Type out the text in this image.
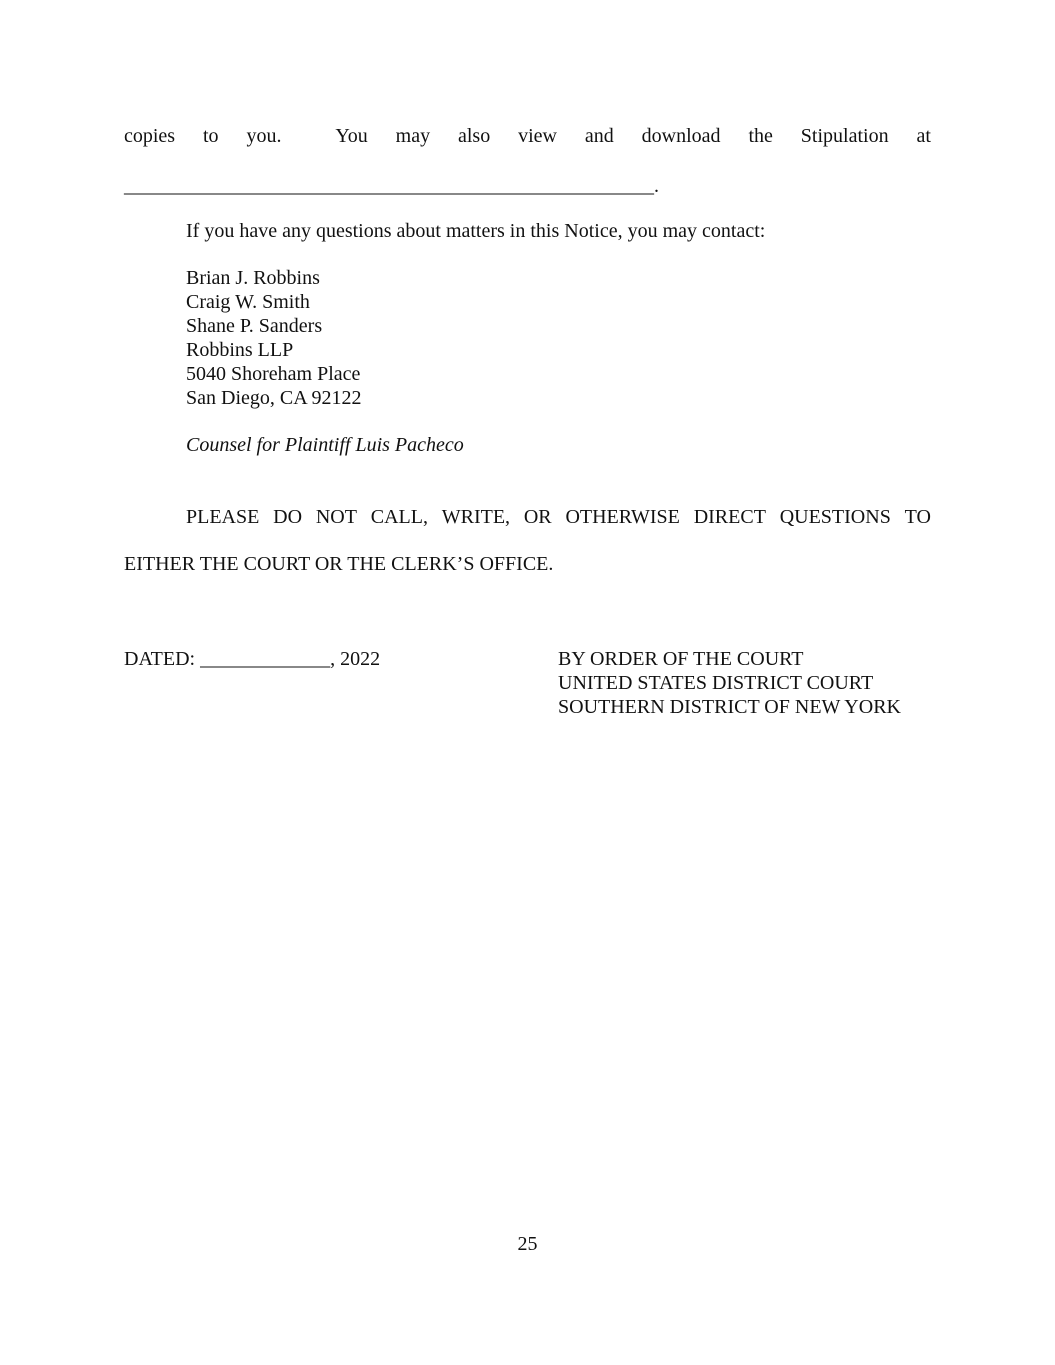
copies to you.	You may also view and download the Stipulation at
_____________________________________________________.
If you have any questions about matters in this Notice, you may contact:
Brian J. Robbins
Craig W. Smith
Shane P. Sanders
Robbins LLP
5040 Shoreham Place
San Diego, CA 92122
Counsel for Plaintiff Luis Pacheco
PLEASE DO NOT CALL, WRITE, OR OTHERWISE DIRECT QUESTIONS TO
EITHER THE COURT OR THE CLERK’S OFFICE.
DATED: _____________, 2022	BY ORDER OF THE COURT
UNITED STATES DISTRICT COURT
SOUTHERN DISTRICT OF NEW YORK
25
